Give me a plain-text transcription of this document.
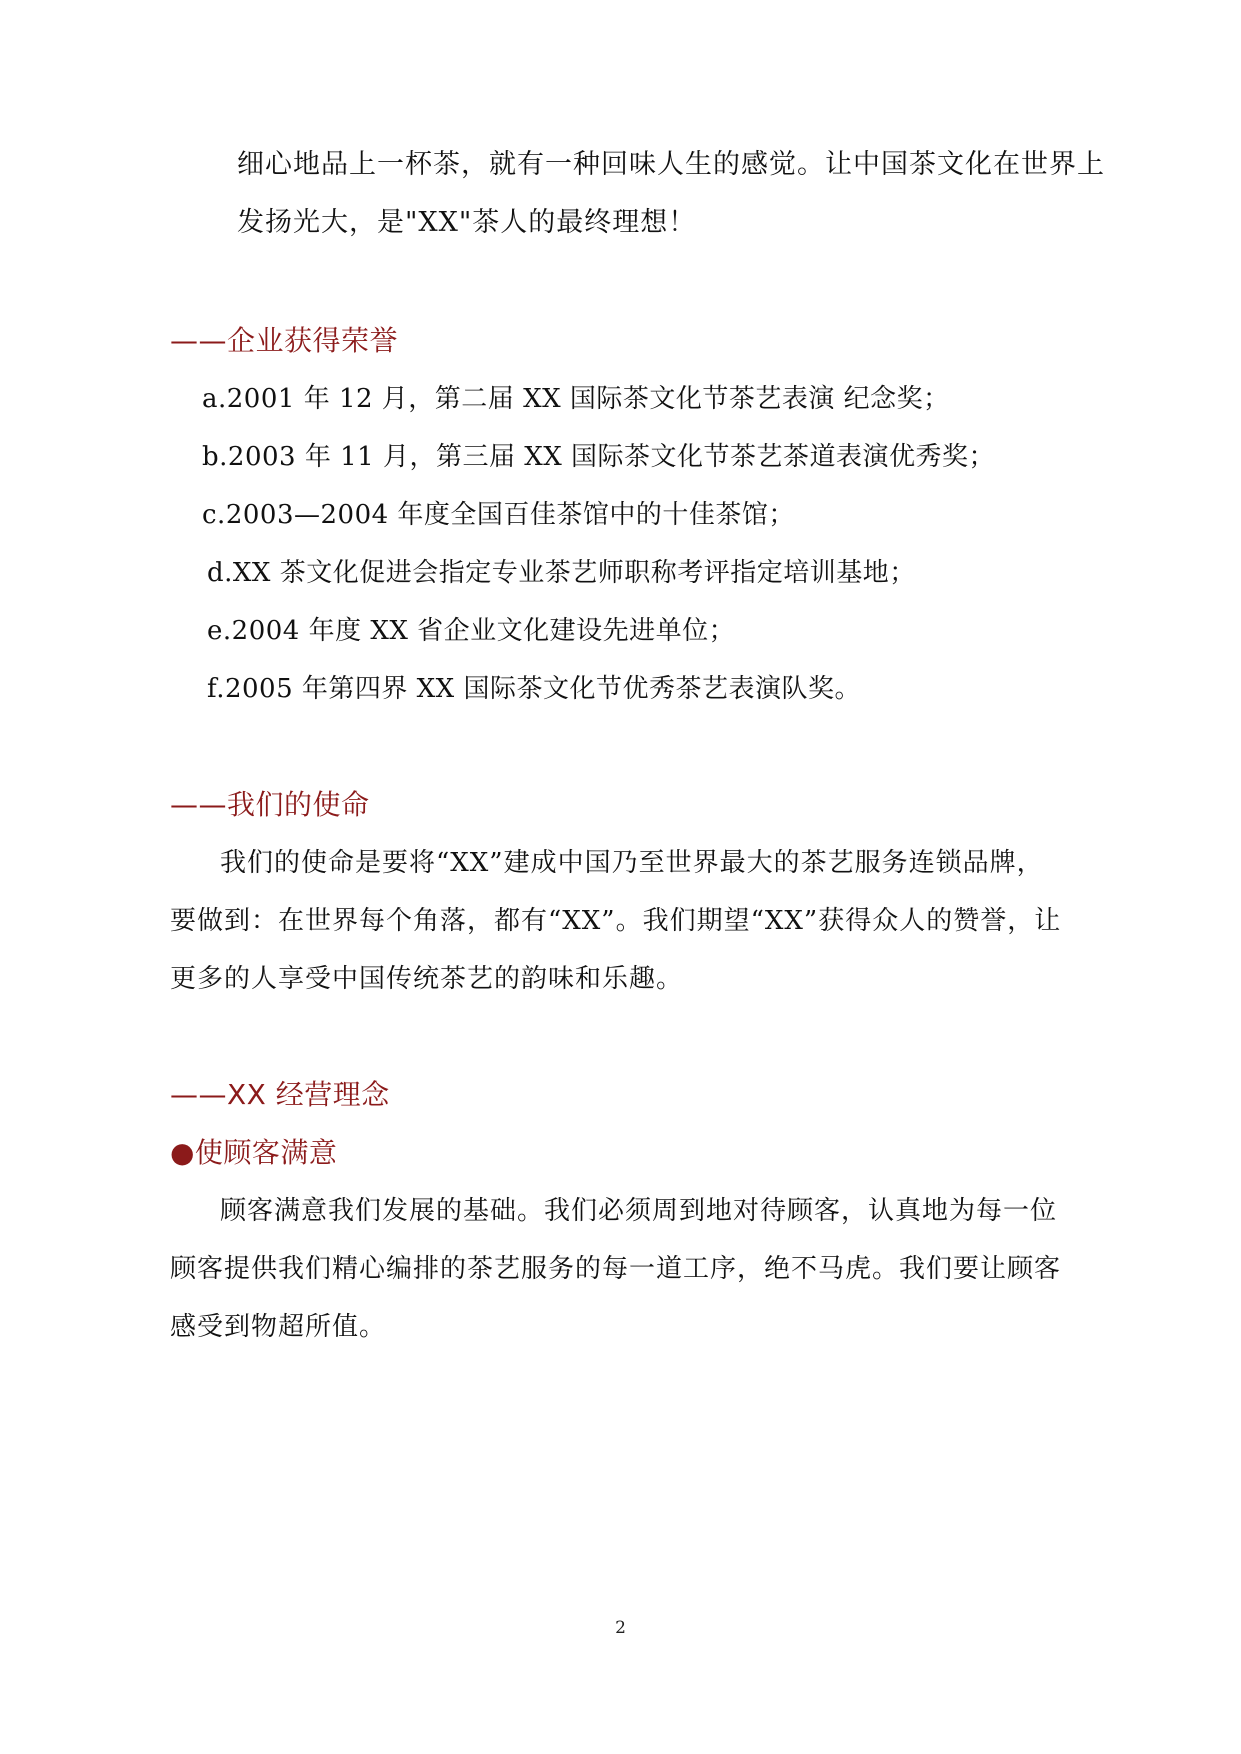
细心地品上一杯茶，就有一种回味人生的感觉。让中国茶文化在世界上
发扬光大，是"XX"茶人的最终理想！
——企业获得荣誉
a.2001 年 12 月，第二届 XX 国际茶文化节茶艺表演 纪念奖；
b.2003 年 11 月，第三届 XX 国际茶文化节茶艺茶道表演优秀奖；
c.2003—2004 年度全国百佳茶馆中的十佳茶馆；
d.XX 茶文化促进会指定专业茶艺师职称考评指定培训基地；
e.2004 年度 XX 省企业文化建设先进单位；
f.2005 年第四界 XX 国际茶文化节优秀茶艺表演队奖。
——我们的使命
我们的使命是要将“XX”建成中国乃至世界最大的茶艺服务连锁品牌，
要做到：在世界每个角落，都有“XX”。我们期望“XX”获得众人的赞誉，让
更多的人享受中国传统茶艺的韵味和乐趣。
——XX 经营理念
●使顾客满意
顾客满意我们发展的基础。我们必须周到地对待顾客，认真地为每一位
顾客提供我们精心编排的茶艺服务的每一道工序，绝不马虎。我们要让顾客
感受到物超所值。
2
